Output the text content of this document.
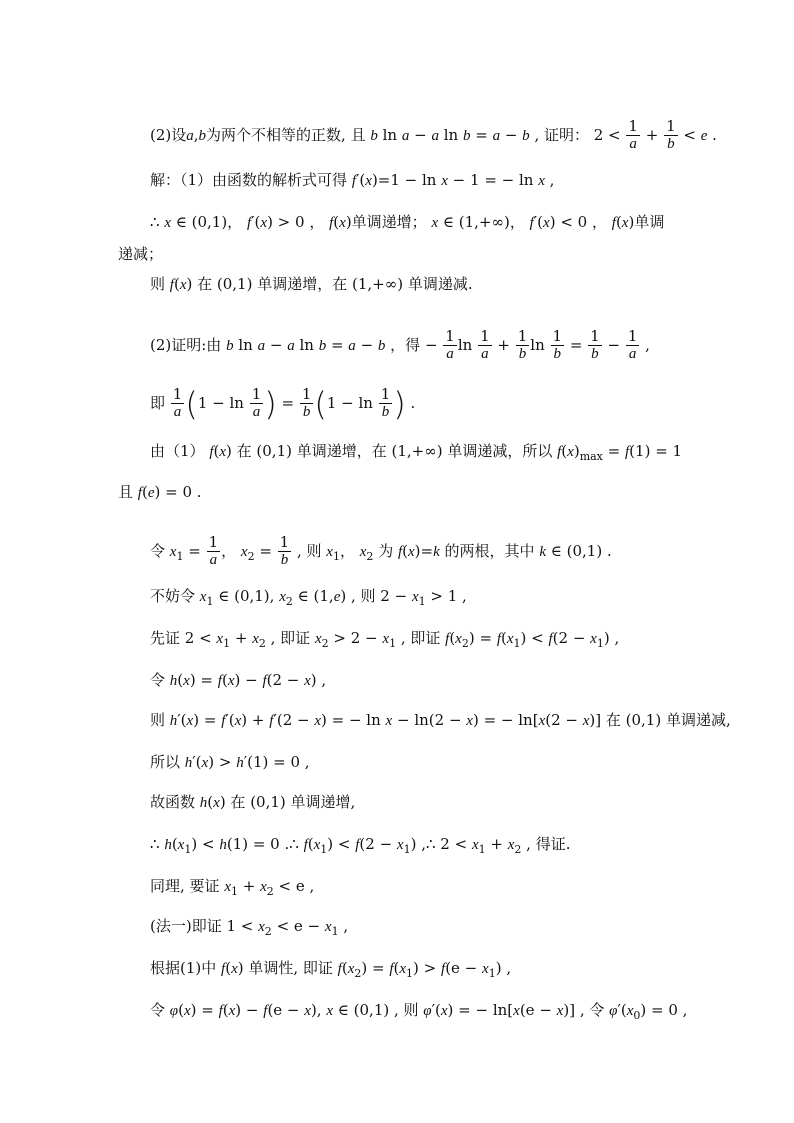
(2)设a,b为两个不相等的正数, 且 b ln a − a ln b = a − b , 证明： $2 < \frac{1}{a} + \frac{1}{b} < e$ .
解：（1）由函数的解析式可得 f′(x)=1 − ln x − 1 = − ln x ,
∴ x ∈ (0,1)， f′(x) > 0 ， f(x)单调递增； x ∈ (1,+∞)， f′(x) < 0 ， f(x)单调
递减；
则 f(x) 在 (0,1) 单调递增，在 (1,+∞) 单调递减.
(2)证明:由 b ln a − a ln b = a − b ，得 − $\frac{1}{a}$ $\ln \frac{1}{a} + \frac{1}{b}$ $\ln \frac{1}{b} = \frac{1}{b} - \frac{1}{a}$ ,
即 $\frac{1}{a} (1 - \ln \frac{1}{a}$ ) = $\frac{1}{b} (1 - \ln \frac{1}{b}$ ) .
由（1） f(x) 在 (0,1) 单调递增，在 (1,+∞) 单调递减，所以 $f(x)_{max} = f(1) = 1$
且 f(e) = 0 .
令 $x_1 = \frac{1}{a}$ ， $x_2 = \frac{1}{b}$ , 则 $x_1$， $x_2$ 为 f(x)=k 的两根，其中 k ∈ (0,1) .
不妨令 $x_1$ ∈ (0,1), $x_2$ ∈ (1,e) , 则 $2 - x_1 > 1$ ,
先证 $2 < x_1 + x_2$ , 即证 $x_2 > 2 - x_1$ , 即证 $f(x_2) = f(x_1) < f(2 - x_1)$ ,
令 h(x) = f(x) − f(2 − x) ,
则 h′(x) = f′(x) + f′(2 − x) = − ln x − ln(2 − x) = − ln[x(2 − x)] 在 (0,1) 单调递减,
所以 h′(x) > h′(1) = 0 ,
故函数 h(x) 在 (0,1) 单调递增,
∴ $h(x_1) < h(1) = 0$ .∴ $f(x_1) < f(2 - x_1)$ ,∴ $2 < x_1 + x_2$ , 得证.
同理, 要证 $x_1 + x_2 < e$ ,
(法一)即证 $1 < x_2 < e - x_1$ ,
根据(1)中 f(x) 单调性, 即证 $f(x_2) = f(x_1) > f(e - x_1)$ ,
令 φ(x) = f(x) − f(e − x), x ∈ (0,1) , 则 φ′(x) = − ln[x(e − x)] , 令 $\varphi'(x_0) = 0$ ,
